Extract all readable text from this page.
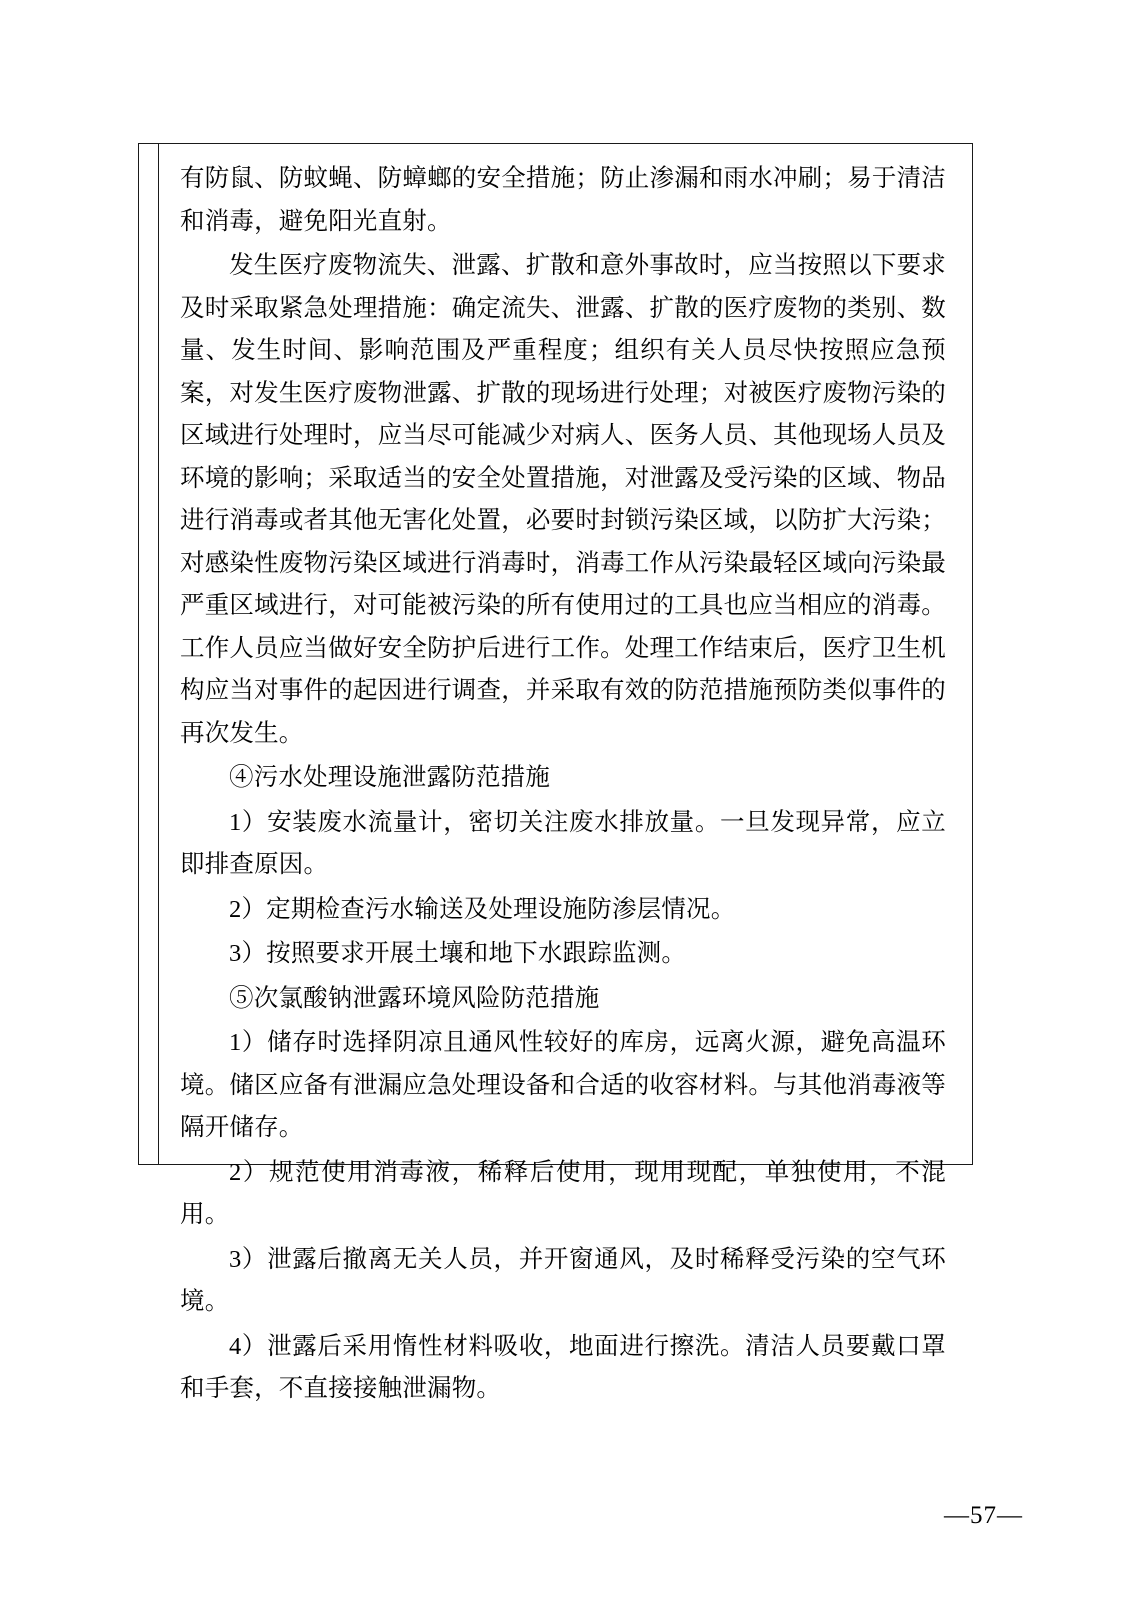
有防鼠、防蚊蝇、防蟑螂的安全措施；防止渗漏和雨水冲刷；易于清洁和消毒，避免阳光直射。

发生医疗废物流失、泄露、扩散和意外事故时，应当按照以下要求及时采取紧急处理措施：确定流失、泄露、扩散的医疗废物的类别、数量、发生时间、影响范围及严重程度；组织有关人员尽快按照应急预案，对发生医疗废物泄露、扩散的现场进行处理；对被医疗废物污染的区域进行处理时，应当尽可能减少对病人、医务人员、其他现场人员及环境的影响；采取适当的安全处置措施，对泄露及受污染的区域、物品进行消毒或者其他无害化处置，必要时封锁污染区域，以防扩大污染；对感染性废物污染区域进行消毒时，消毒工作从污染最轻区域向污染最严重区域进行，对可能被污染的所有使用过的工具也应当相应的消毒。工作人员应当做好安全防护后进行工作。处理工作结束后，医疗卫生机构应当对事件的起因进行调查，并采取有效的防范措施预防类似事件的再次发生。

④污水处理设施泄露防范措施

1）安装废水流量计，密切关注废水排放量。一旦发现异常，应立即排查原因。

2）定期检查污水输送及处理设施防渗层情况。

3）按照要求开展土壤和地下水跟踪监测。

⑤次氯酸钠泄露环境风险防范措施

1）储存时选择阴凉且通风性较好的库房，远离火源，避免高温环境。储区应备有泄漏应急处理设备和合适的收容材料。与其他消毒液等隔开储存。

2）规范使用消毒液，稀释后使用，现用现配，单独使用，不混用。

3）泄露后撤离无关人员，并开窗通风，及时稀释受污染的空气环境。

4）泄露后采用惰性材料吸收，地面进行擦洗。清洁人员要戴口罩和手套，不直接接触泄漏物。

—57—
